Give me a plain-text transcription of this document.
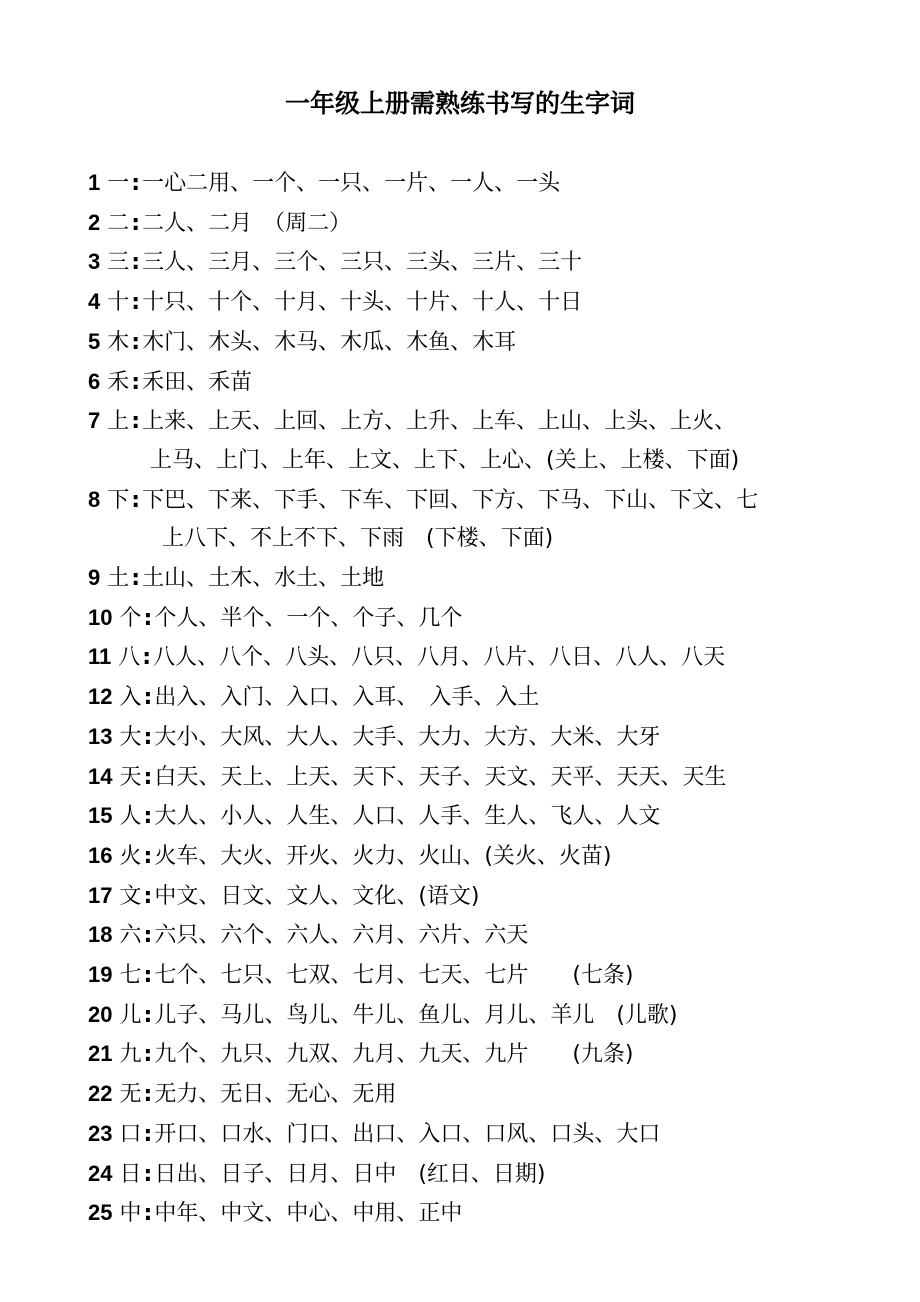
一年级上册需熟练书写的生字词
1 一:一心二用、一个、一只、一片、一人、一头
2 二:二人、二月　（周二）
3 三:三人、三月、三个、三只、三头、三片、三十
4 十:十只、十个、十月、十头、十片、十人、十日
5 木:木门、木头、木马、木瓜、木鱼、木耳
6 禾:禾田、禾苗
7 上:上来、上天、上回、上方、上升、上车、上山、上头、上火、
上马、上门、上年、上文、上下、上心、(关上、上楼、下面)
8 下:下巴、下来、下手、下车、下回、下方、下马、下山、下文、七
上八下、不上不下、下雨　(下楼、下面)
9 土:土山、土木、水土、土地
10 个:个人、半个、一个、个子、几个
11 八:八人、八个、八头、八只、八月、八片、八日、八人、八天
12 入:出入、入门、入口、入耳、　入手、入土
13 大:大小、大风、大人、大手、大力、大方、大米、大牙
14 天:白天、天上、上天、天下、天子、天文、天平、天天、天生
15 人:大人、小人、人生、人口、人手、生人、飞人、人文
16 火:火车、大火、开火、火力、火山、(关火、火苗)
17 文:中文、日文、文人、文化、(语文)
18 六:六只、六个、六人、六月、六片、六天
19 七:七个、七只、七双、七月、七天、七片　　(七条)
20 儿:儿子、马儿、鸟儿、牛儿、鱼儿、月儿、羊儿　(儿歌)
21 九:九个、九只、九双、九月、九天、九片　　(九条)
22 无:无力、无日、无心、无用
23 口:开口、口水、门口、出口、入口、口风、口头、大口
24 日:日出、日子、日月、日中　(红日、日期)
25 中:中年、中文、中心、中用、正中
